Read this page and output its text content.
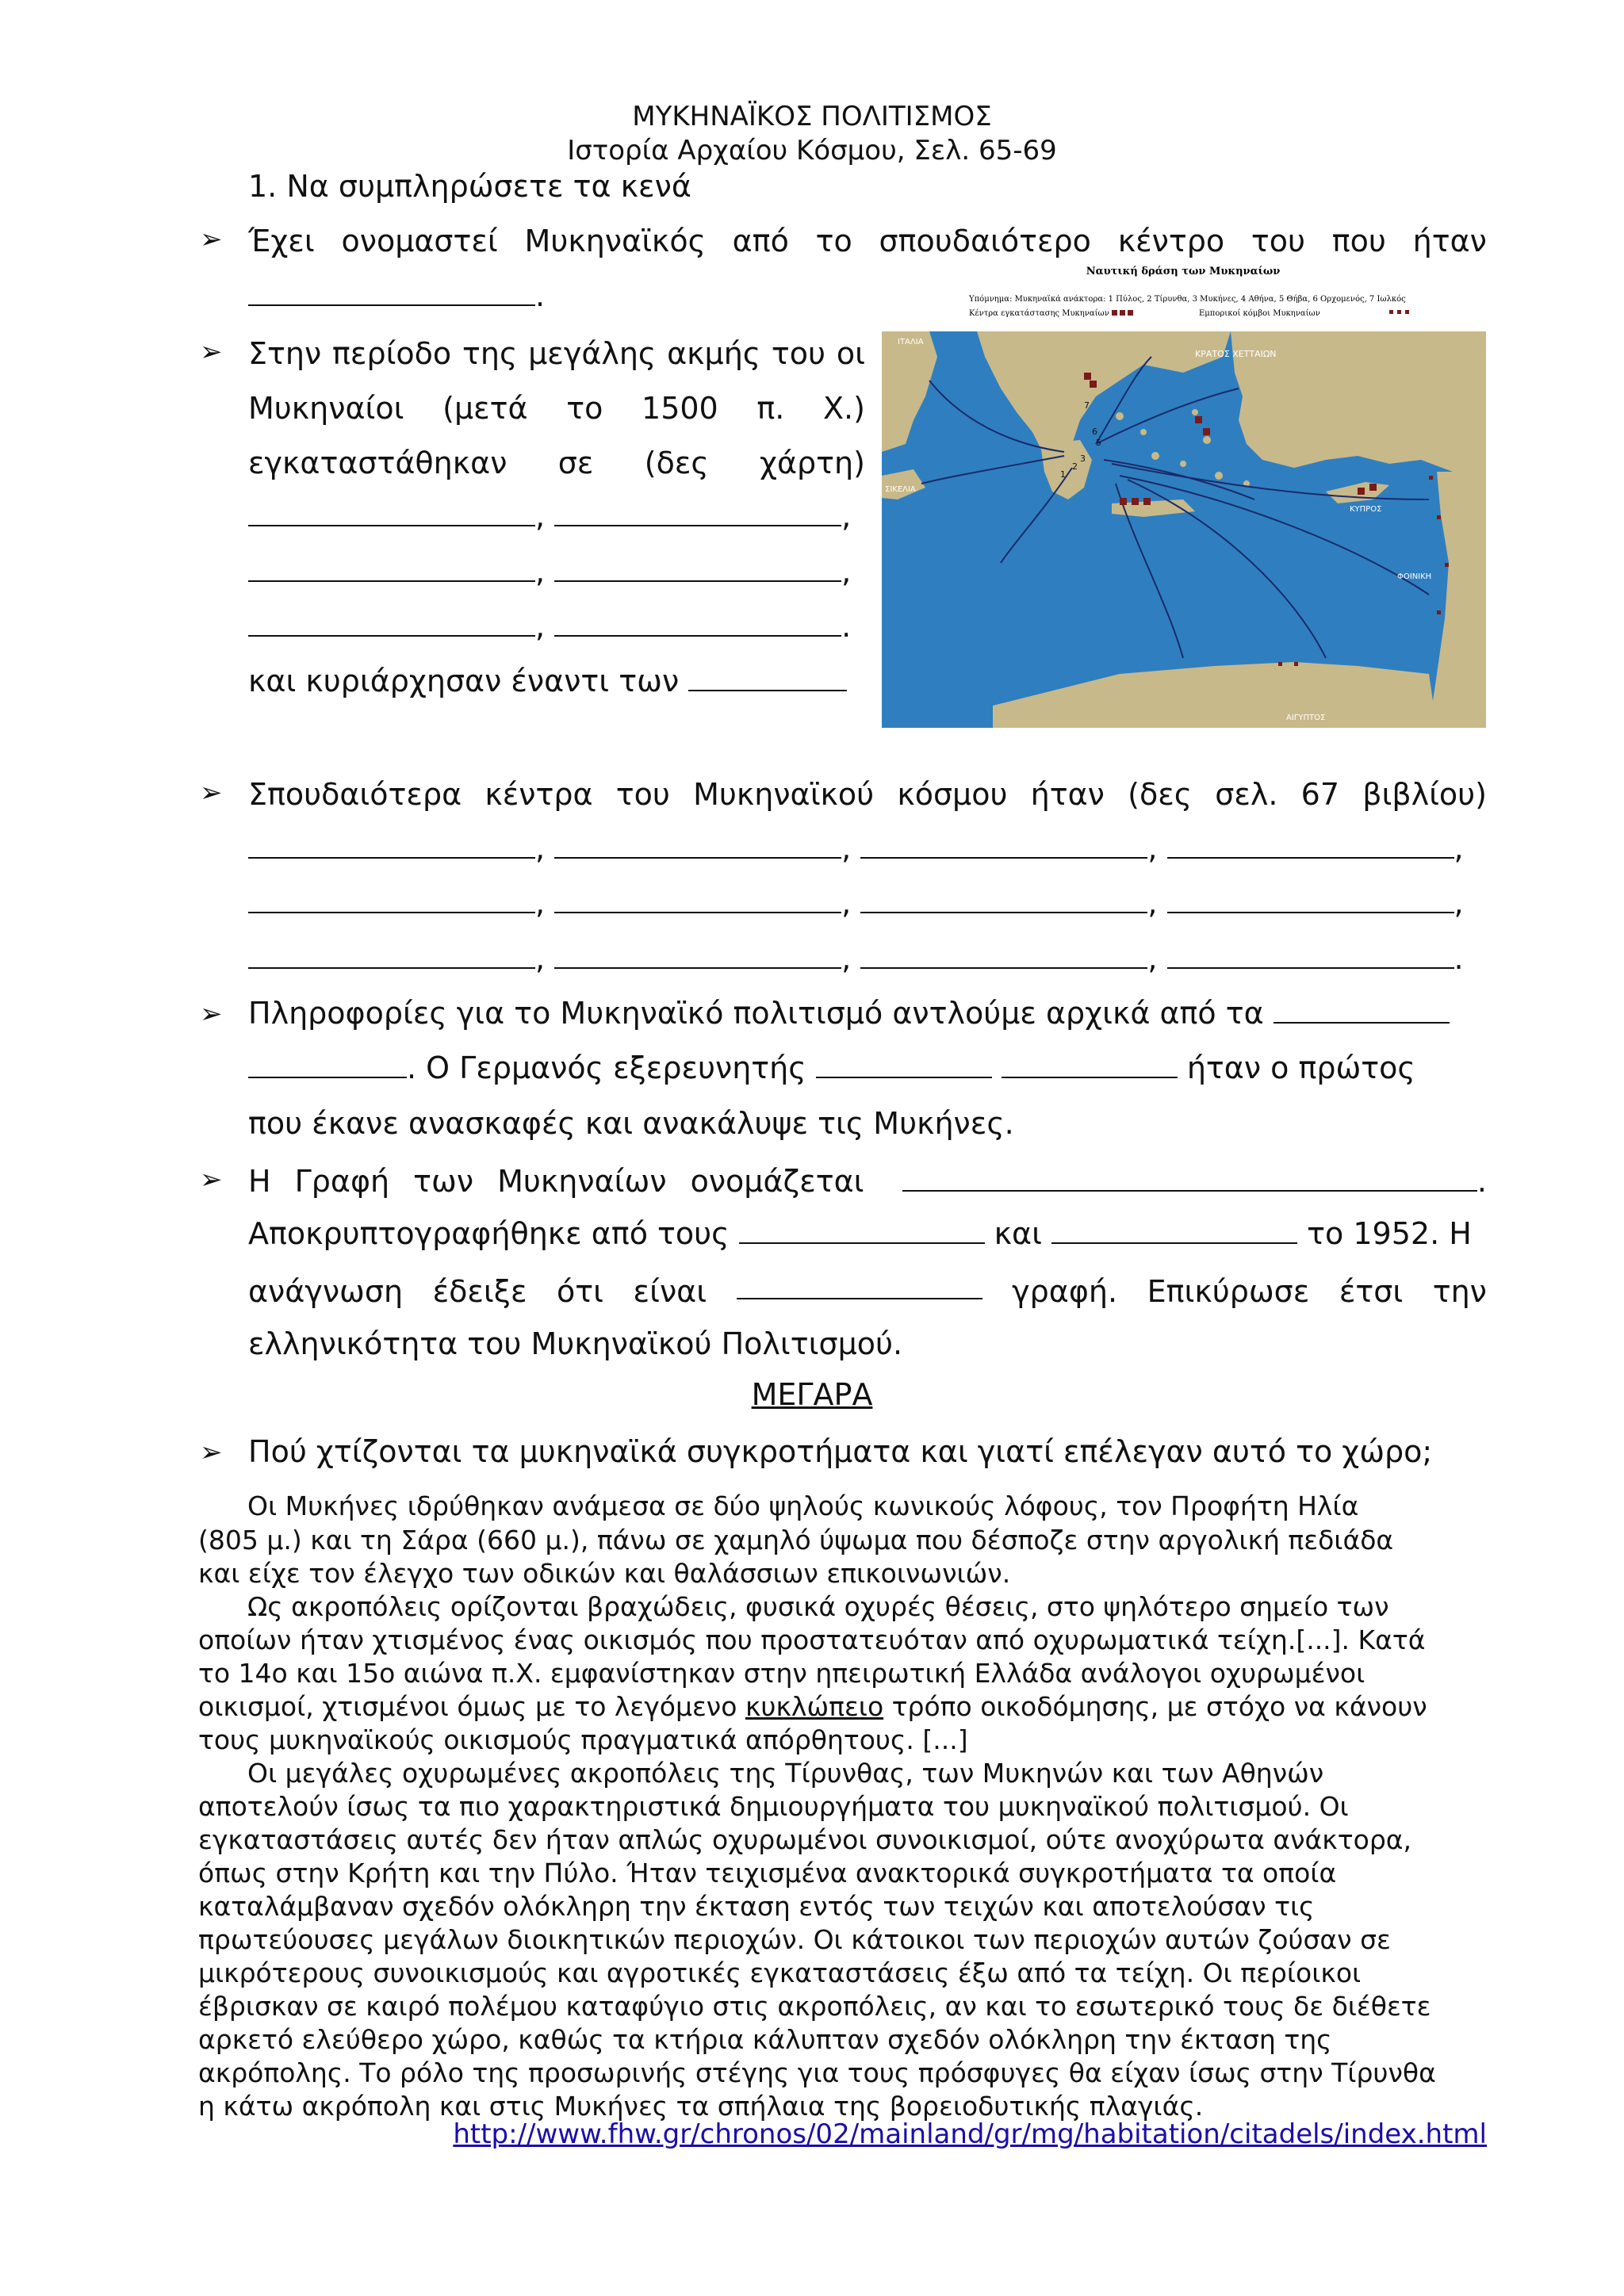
ΜΥΚΗΝΑΪΚΟΣ ΠΟΛΙΤΙΣΜΟΣ
Ιστορία Αρχαίου Κόσμου, Σελ. 65-69
1. Να συμπληρώσετε τα κενά
➢ Έχει ονομαστεί Μυκηναϊκός από το σπουδαιότερο κέντρο του που ήταν
.
➢ Στην περίοδο της μεγάλης ακμής του οι
Μυκηναίοι (μετά το 1500 π. Χ.)
εγκαταστάθηκαν σε (δες χάρτη)
,	,
,	,
,	.
και κυριάρχησαν έναντι των
Ναυτική δράση των Μυκηναίων
Υπόμνημα: Μυκηναϊκά ανάκτορα: 1 Πύλος, 2 Τίρυνθα, 3 Μυκήνες, 4 Αθήνα, 5 Θήβα, 6 Ορχομενός, 7 Ιωλκός
Κέντρα εγκατάστασης Μυκηναίων	Εμπορικοί κόμβοι Μυκηναίων
7
6
5
3
2
1
ΙΤΑΛΙΑ
ΣΙΚΕΛΙΑ
ΦΟΙΝΙΚΗ
ΚΥΠΡΟΣ
ΑΙΓΥΠΤΟΣ
ΚΡΑΤΟΣ ΧΕΤΤΑΙΩΝ
➢ Σπουδαιότερα κέντρα του Μυκηναϊκού κόσμου ήταν (δες σελ. 67 βιβλίου)
,	,	,	,
,	,	,	,
,	,	,	.
➢ Πληροφορίες για το Μυκηναϊκό πολιτισμό αντλούμε αρχικά από τα
. Ο Γερμανός εξερευνητής	ήταν ο πρώτος
που έκανε ανασκαφές και ανακάλυψε τις Μυκήνες.
➢ Η Γραφή των Μυκηναίων ονομάζεται	.
Αποκρυπτογραφήθηκε από τους	και	το 1952. Η
ανάγνωση έδειξε ότι είναι	γραφή. Επικύρωσε έτσι την
ελληνικότητα του Μυκηναϊκού Πολιτισμού.
ΜΕΓΑΡΑ
➢ Πού χτίζονται τα μυκηναϊκά συγκροτήματα και γιατί επέλεγαν αυτό το χώρο;
Οι Μυκήνες ιδρύθηκαν ανάμεσα σε δύο ψηλούς κωνικούς λόφους, τον Προφήτη Ηλία
(805 μ.) και τη Σάρα (660 μ.), πάνω σε χαμηλό ύψωμα που δέσποζε στην αργολική πεδιάδα
και είχε τον έλεγχο των οδικών και θαλάσσιων επικοινωνιών.
Ως ακροπόλεις ορίζονται βραχώδεις, φυσικά οχυρές θέσεις, στο ψηλότερο σημείο των
οποίων ήταν χτισμένος ένας οικισμός που προστατευόταν από οχυρωματικά τείχη.[...]. Κατά
το 14ο και 15ο αιώνα π.Χ. εμφανίστηκαν στην ηπειρωτική Ελλάδα ανάλογοι οχυρωμένοι
οικισμοί, χτισμένοι όμως με το λεγόμενο κυκλώπειο τρόπο οικοδόμησης, με στόχο να κάνουν
τους μυκηναϊκούς οικισμούς πραγματικά απόρθητους. [...]
Οι μεγάλες οχυρωμένες ακροπόλεις της Τίρυνθας, των Μυκηνών και των Αθηνών
αποτελούν ίσως τα πιο χαρακτηριστικά δημιουργήματα του μυκηναϊκού πολιτισμού. Οι
εγκαταστάσεις αυτές δεν ήταν απλώς οχυρωμένοι συνοικισμοί, ούτε ανοχύρωτα ανάκτορα,
όπως στην Κρήτη και την Πύλο. Ήταν τειχισμένα ανακτορικά συγκροτήματα τα οποία
καταλάμβαναν σχεδόν ολόκληρη την έκταση εντός των τειχών και αποτελούσαν τις
πρωτεύουσες μεγάλων διοικητικών περιοχών. Οι κάτοικοι των περιοχών αυτών ζούσαν σε
μικρότερους συνοικισμούς και αγροτικές εγκαταστάσεις έξω από τα τείχη. Οι περίοικοι
έβρισκαν σε καιρό πολέμου καταφύγιο στις ακροπόλεις, αν και το εσωτερικό τους δε διέθετε
αρκετό ελεύθερο χώρο, καθώς τα κτήρια κάλυπταν σχεδόν ολόκληρη την έκταση της
ακρόπολης. Το ρόλο της προσωρινής στέγης για τους πρόσφυγες θα είχαν ίσως στην Τίρυνθα
η κάτω ακρόπολη και στις Μυκήνες τα σπήλαια της βορειοδυτικής πλαγιάς.
http://www.fhw.gr/chronos/02/mainland/gr/mg/habitation/citadels/index.html
